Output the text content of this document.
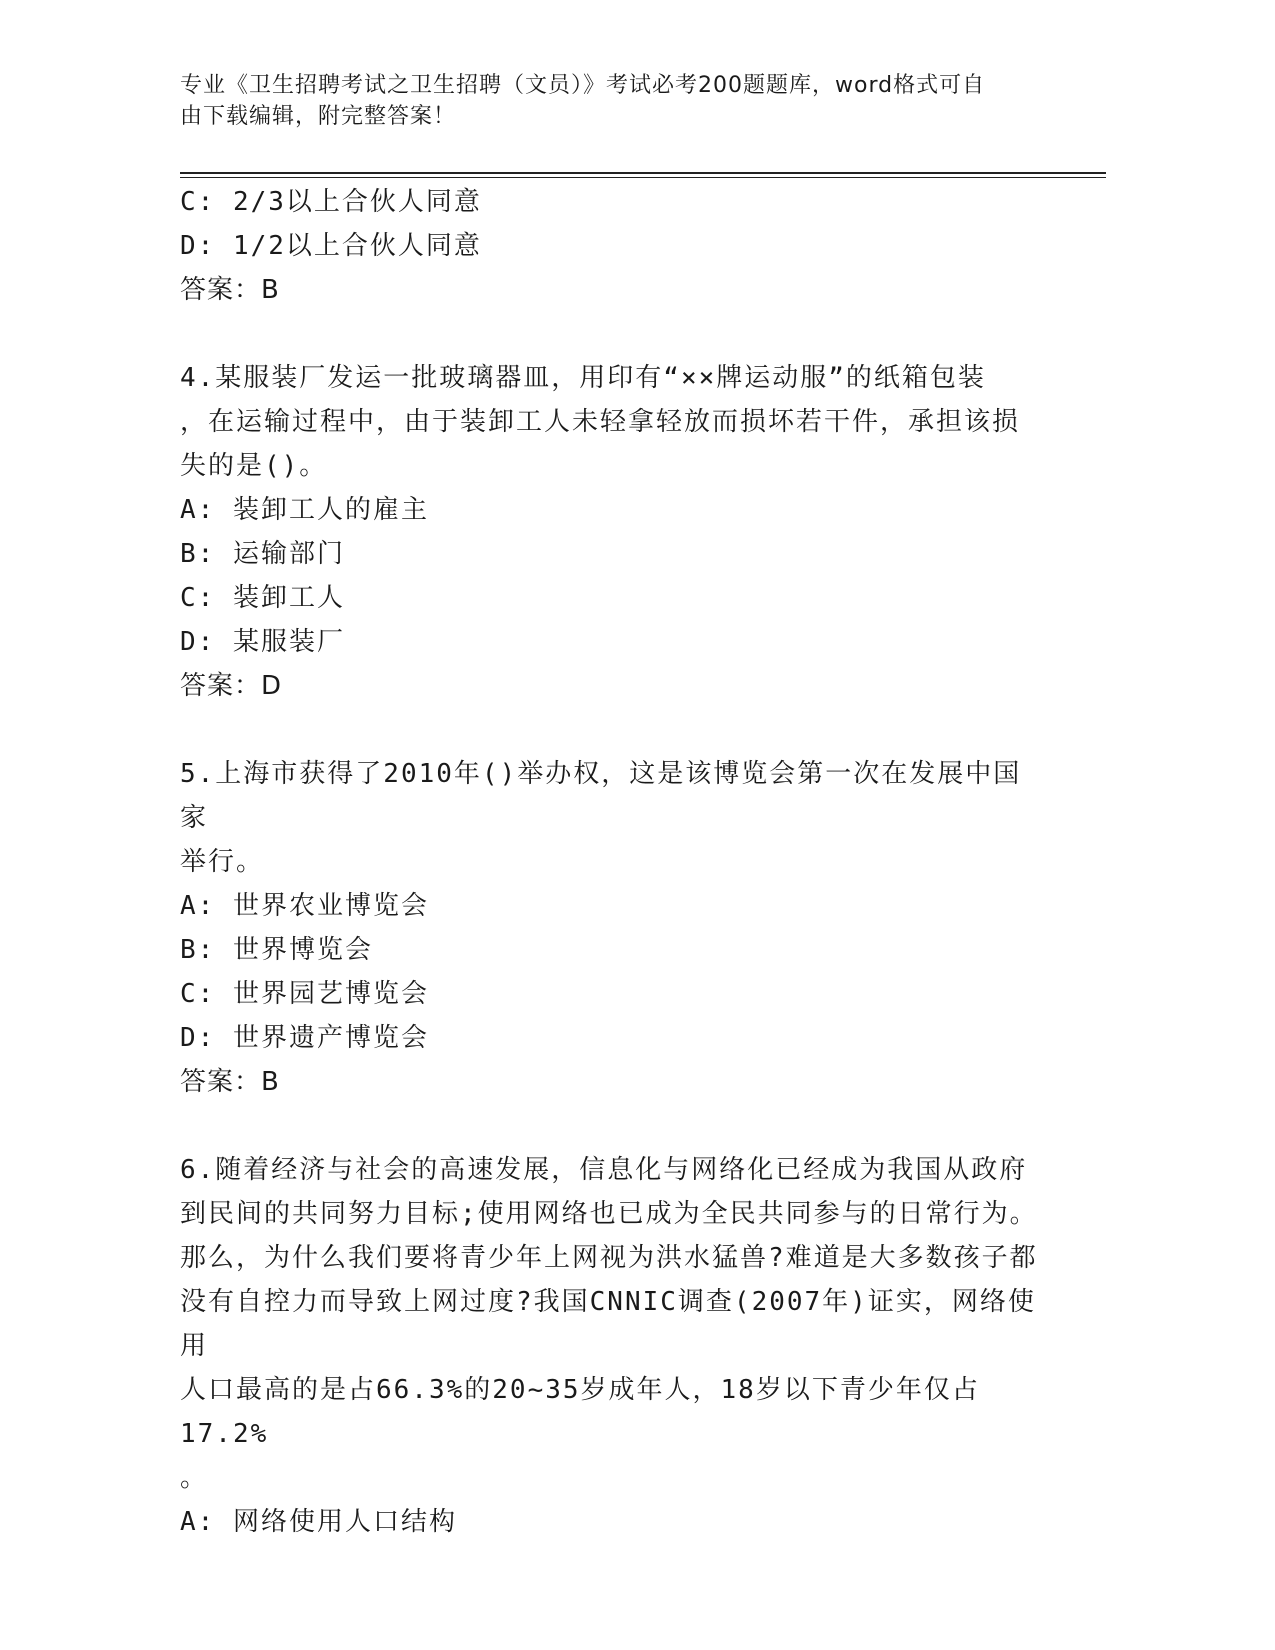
专业《卫生招聘考试之卫生招聘（文员）》考试必考200题题库，word格式可自
由下载编辑，附完整答案！

C: 2/3以上合伙人同意

D: 1/2以上合伙人同意

答案：B

4.某服装厂发运一批玻璃器皿，用印有“××牌运动服”的纸箱包装

，在运输过程中，由于装卸工人未轻拿轻放而损坏若干件，承担该损

失的是()。

A: 装卸工人的雇主

B: 运输部门

C: 装卸工人

D: 某服装厂

答案：D

5.上海市获得了2010年()举办权，这是该博览会第一次在发展中国家

举行。

A: 世界农业博览会

B: 世界博览会

C: 世界园艺博览会

D: 世界遗产博览会

答案：B

6.随着经济与社会的高速发展，信息化与网络化已经成为我国从政府

到民间的共同努力目标;使用网络也已成为全民共同参与的日常行为。

那么，为什么我们要将青少年上网视为洪水猛兽?难道是大多数孩子都

没有自控力而导致上网过度?我国CNNIC调查(2007年)证实，网络使用

人口最高的是占66.3%的20~35岁成年人，18岁以下青少年仅占17.2%

。

A: 网络使用人口结构
